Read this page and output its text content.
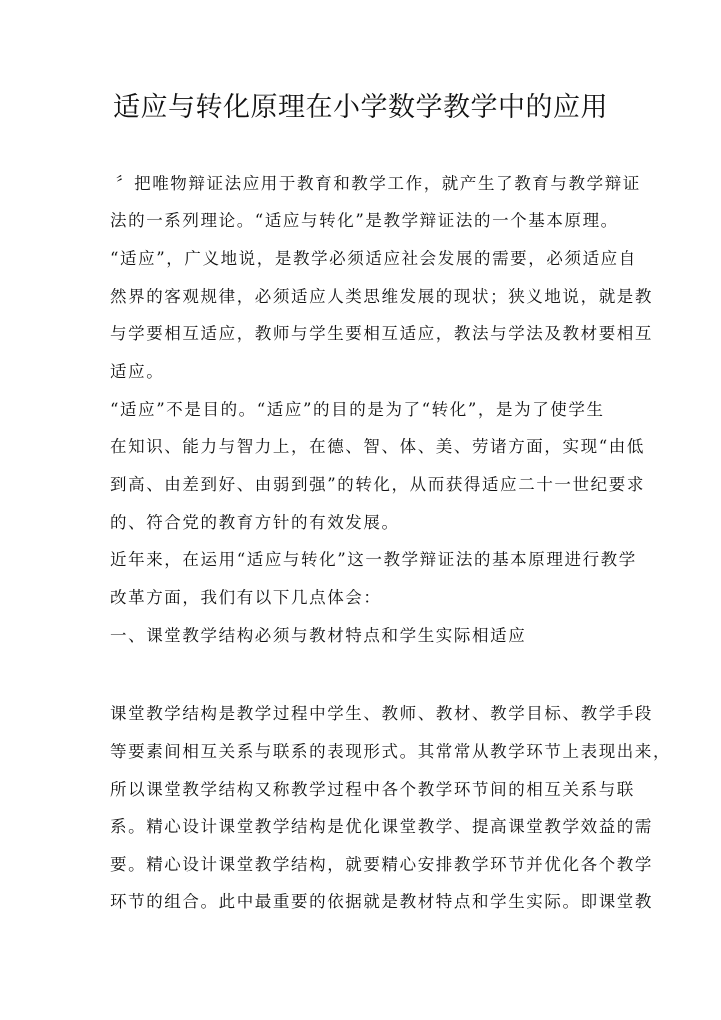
适应与转化原理在小学数学教学中的应用
〞把唯物辩证法应用于教育和教学工作，就产生了教育与教学辩证
法的一系列理论。“适应与转化”是教学辩证法的一个基本原理。
“适应”，广义地说，是教学必须适应社会发展的需要，必须适应自
然界的客观规律，必须适应人类思维发展的现状；狭义地说，就是教
与学要相互适应，教师与学生要相互适应，教法与学法及教材要相互
适应。
“适应”不是目的。“适应”的目的是为了“转化”，是为了使学生
在知识、能力与智力上，在德、智、体、美、劳诸方面，实现“由低
到高、由差到好、由弱到强”的转化，从而获得适应二十一世纪要求
的、符合党的教育方针的有效发展。
近年来，在运用“适应与转化”这一教学辩证法的基本原理进行教学
改革方面，我们有以下几点体会：
一、课堂教学结构必须与教材特点和学生实际相适应
课堂教学结构是教学过程中学生、教师、教材、教学目标、教学手段
等要素间相互关系与联系的表现形式。其常常从教学环节上表现出来，
所以课堂教学结构又称教学过程中各个教学环节间的相互关系与联
系。精心设计课堂教学结构是优化课堂教学、提高课堂教学效益的需
要。精心设计课堂教学结构，就要精心安排教学环节并优化各个教学
环节的组合。此中最重要的依据就是教材特点和学生实际。即课堂教
